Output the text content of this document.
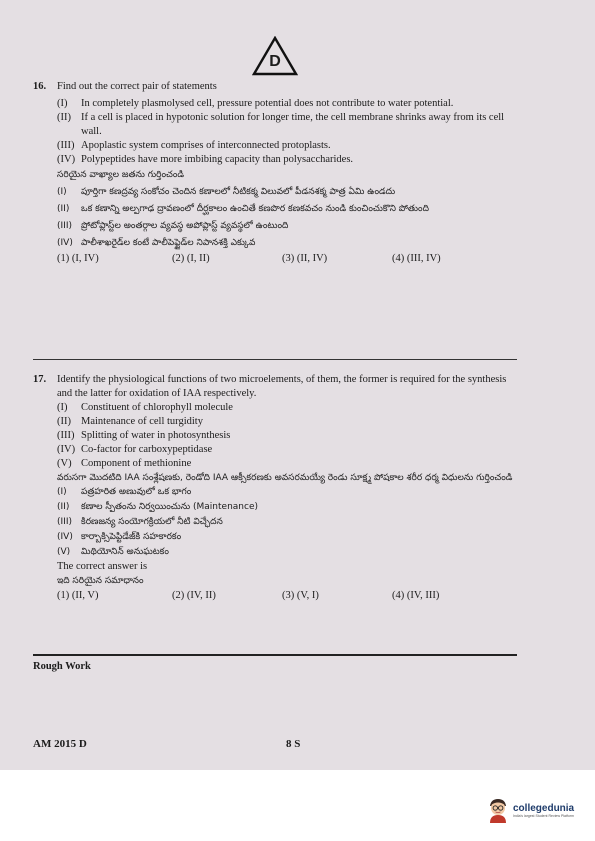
D
16. Find out the correct pair of statements
(I) In completely plasmolysed cell, pressure potential does not contribute to water potential.
(II) If a cell is placed in hypotonic solution for longer time, the cell membrane shrinks away from its cell wall.
(III) Apoplastic system comprises of interconnected protoplasts.
(IV) Polypeptides have more imbibing capacity than polysaccharides.
సరియైన వాఖ్యాల జతను గుర్తించండి
(I) పూర్తిగా కణద్రవ్య సంకోచం చెందిన కణాలలో నీటికక్మ విలువలో పీడనశక్మ పాత్ర ఏమి ఉండదు
(II) ఒక కణాన్ని అల్పగాఢ ద్రావణంలో దీర్ఘకాలం ఉంచితే కణపొర కణకవచం నుండి కుంచించుకొని పోతుంది
(III) ప్రోటోప్లాస్ట్‌ల అంతర్గాల వ్యవస్థ అపోప్లాస్ట్ వ్యవస్థలో ఉంటుంది
(IV) పాలీశాఖరైడ్‌ల కంటే పాలీపెప్టైడ్‌ల నిపానశక్తి ఎక్కువ
(1) (I, IV)	(2) (I, II)	(3) (II, IV)	(4) (III, IV)
17. Identify the physiological functions of two microelements, of them, the former is required for the synthesis and the latter for oxidation of IAA respectively.
(I) Constituent of chlorophyll molecule
(II) Maintenance of cell turgidity
(III) Splitting of water in photosynthesis
(IV) Co-factor for carboxypeptidase
(V) Component of methionine
వరుసగా మొదటిది IAA సంశ్లేషణకు, రెండోది IAA ఆక్సీకరణకు అవసరమయ్యే రెండు సూక్ష్మ పోషకాల శరీర ధర్మ విధులను గుర్తించండి
(I) పత్రహరిత అణువులో ఒక భాగం
(II) కణాల స్పీతంను నిర్వయించును (Maintenance)
(III) కిరణజన్య సంయోగక్రియలో నీటి విచ్ఛేదన
(IV) కార్బాక్సిపెప్టిడేజ్‌కి సహకారకం
(V) మిథియోనిన్ అనుఘటకం
The correct answer is
ఇది సరియైన సమాధానం
(1) (II, V)	(2) (IV, II)	(3) (V, I)	(4) (IV, III)
Rough Work
AM 2015 D	8 S
collegedunia
India's largest Student Review Platform
